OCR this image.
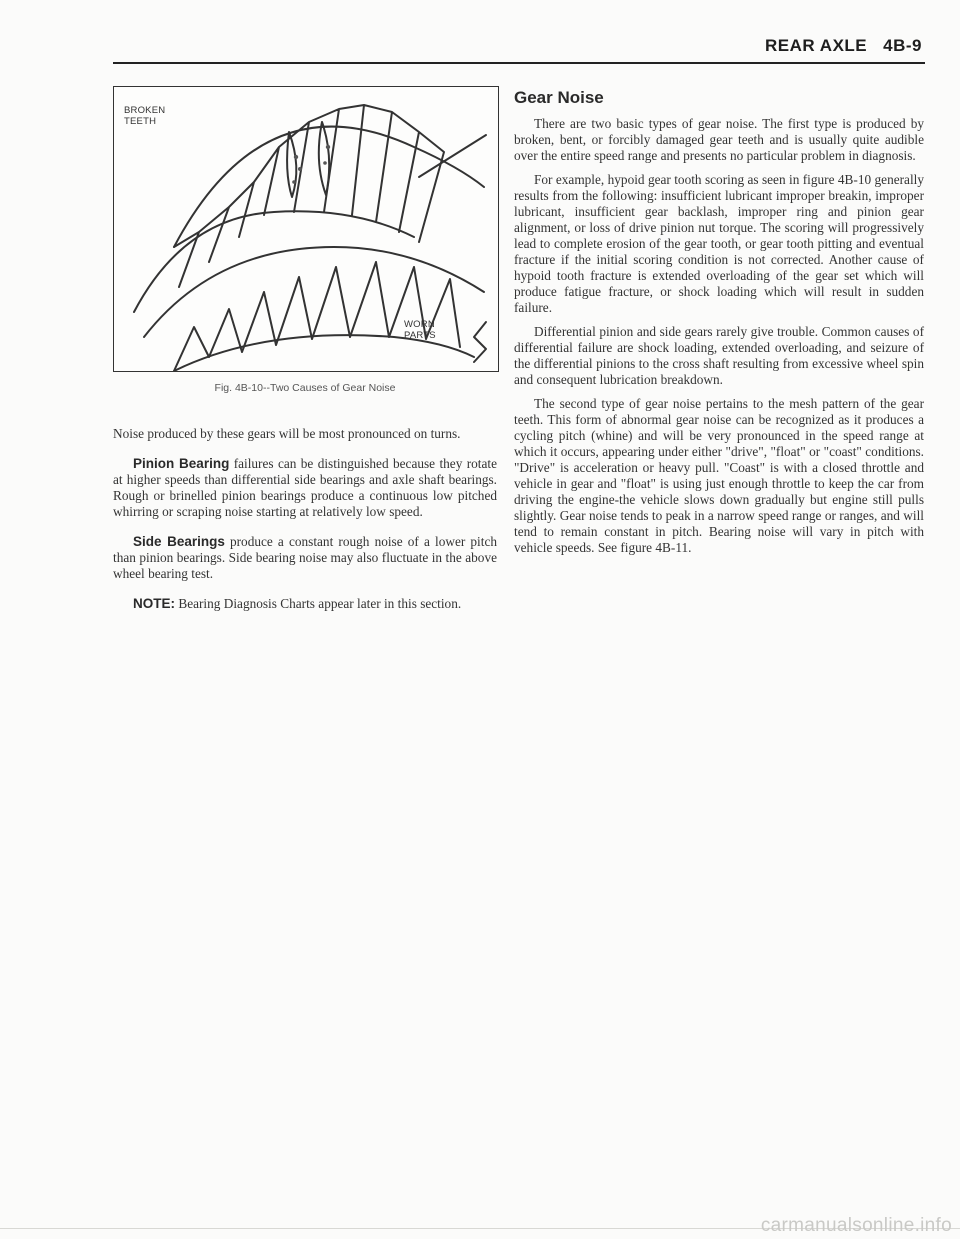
REAR AXLE 4B-9
BROKEN
TEETH
WORN
PARTS
Fig. 4B-10--Two Causes of Gear Noise

Noise produced by these gears will be most pronounced on turns.

Pinion Bearing failures can be distinguished because they rotate at higher speeds than differential side bearings and axle shaft bearings. Rough or brinelled pinion bearings produce a continuous low pitched whirring or scraping noise starting at relatively low speed.

Side Bearings produce a constant rough noise of a lower pitch than pinion bearings. Side bearing noise may also fluctuate in the above wheel bearing test.

NOTE: Bearing Diagnosis Charts appear later in this section.

Gear Noise

There are two basic types of gear noise. The first type is produced by broken, bent, or forcibly damaged gear teeth and is usually quite audible over the entire speed range and presents no particular problem in diagnosis.

For example, hypoid gear tooth scoring as seen in figure 4B-10 generally results from the following: insufficient lubricant improper breakin, improper lubricant, insufficient gear backlash, improper ring and pinion gear alignment, or loss of drive pinion nut torque. The scoring will progressively lead to complete erosion of the gear tooth, or gear tooth pitting and eventual fracture if the initial scoring condition is not corrected. Another cause of hypoid tooth fracture is extended overloading of the gear set which will produce fatigue fracture, or shock loading which will result in sudden failure.

Differential pinion and side gears rarely give trouble. Common causes of differential failure are shock loading, extended overloading, and seizure of the differential pinions to the cross shaft resulting from excessive wheel spin and consequent lubrication breakdown.

The second type of gear noise pertains to the mesh pattern of the gear teeth. This form of abnormal gear noise can be recognized as it produces a cycling pitch (whine) and will be very pronounced in the speed range at which it occurs, appearing under either "drive", "float" or "coast" conditions. "Drive" is acceleration or heavy pull. "Coast" is with a closed throttle and vehicle in gear and "float" is using just enough throttle to keep the car from driving the engine-the vehicle slows down gradually but engine still pulls slightly. Gear noise tends to peak in a narrow speed range or ranges, and will tend to remain constant in pitch. Bearing noise will vary in pitch with vehicle speeds. See figure 4B-11.

carmanualsonline.info
